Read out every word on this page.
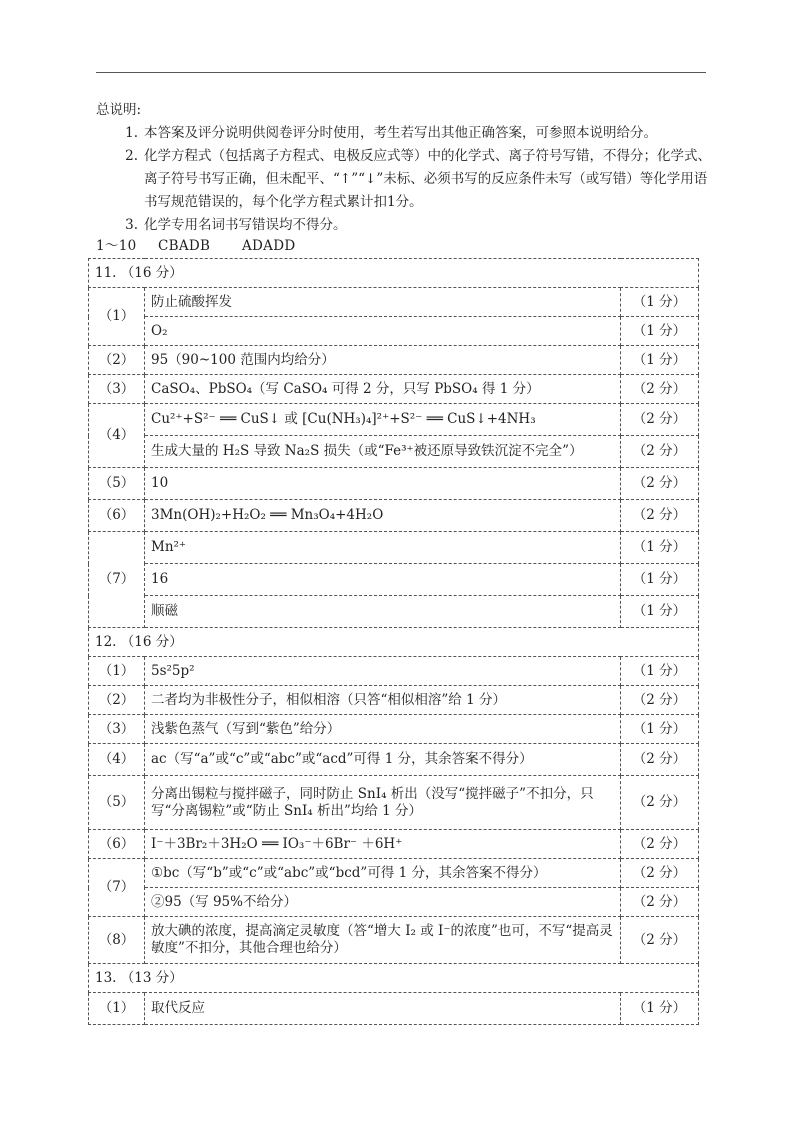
总说明:

1. 本答案及评分说明供阅卷评分时使用，考生若写出其他正确答案，可参照本说明给分。
2. 化学方程式（包括离子方程式、电极反应式等）中的化学式、离子符号写错，不得分；化学式、离子符号书写正确，但未配平、“↑”“↓”未标、必须书写的反应条件未写（或写错）等化学用语书写规范错误的，每个化学方程式累计扣1分。
3. 化学专用名词书写错误均不得分。
1～10 CBADB ADADD
11. （16 分）		
（1）	防止硫酸挥发	（1 分）
	O₂	（1 分）
（2）	95（90~100 范围内均给分）	（1 分）
（3）	CaSO₄、PbSO₄（写 CaSO₄ 可得 2 分，只写 PbSO₄ 得 1 分）	（2 分）
（4）	Cu²⁺+S²⁻ ══ CuS↓ 或 [Cu(NH₃)₄]²⁺+S²⁻ ══ CuS↓+4NH₃	（2 分）
	生成大量的 H₂S 导致 Na₂S 损失（或“Fe³⁺被还原导致铁沉淀不完全”）	（2 分）
（5）	10	（2 分）
（6）	3Mn(OH)₂+H₂O₂ ══ Mn₃O₄+4H₂O	（2 分）
（7）	Mn²⁺	（1 分）
	16	（1 分）
	顺磁	（1 分）
12. （16 分）		
（1）	5s²5p²	（1 分）
（2）	二者均为非极性分子，相似相溶（只答“相似相溶”给 1 分）	（2 分）
（3）	浅紫色蒸气（写到“紫色”给分）	（1 分）
（4）	ac（写“a”或“c”或“abc”或“acd”可得 1 分，其余答案不得分）	（2 分）
（5）	分离出锡粒与搅拌磁子，同时防止 SnI₄ 析出（没写“搅拌磁子”不扣分，只写“分离锡粒”或“防止 SnI₄ 析出”均给 1 分）	（2 分）
（6）	I⁻＋3Br₂＋3H₂O ══ IO₃⁻＋6Br⁻ ＋6H⁺	（2 分）
（7）	①bc（写“b”或“c”或“abc”或“bcd”可得 1 分，其余答案不得分）	（2 分）
	②95（写 95%不给分）	（2 分）
（8）	放大碘的浓度，提高滴定灵敏度（答“增大 I₂ 或 I⁻的浓度”也可，不写“提高灵敏度”不扣分，其他合理也给分）	（2 分）
13. （13 分）		
（1）	取代反应	（1 分）
